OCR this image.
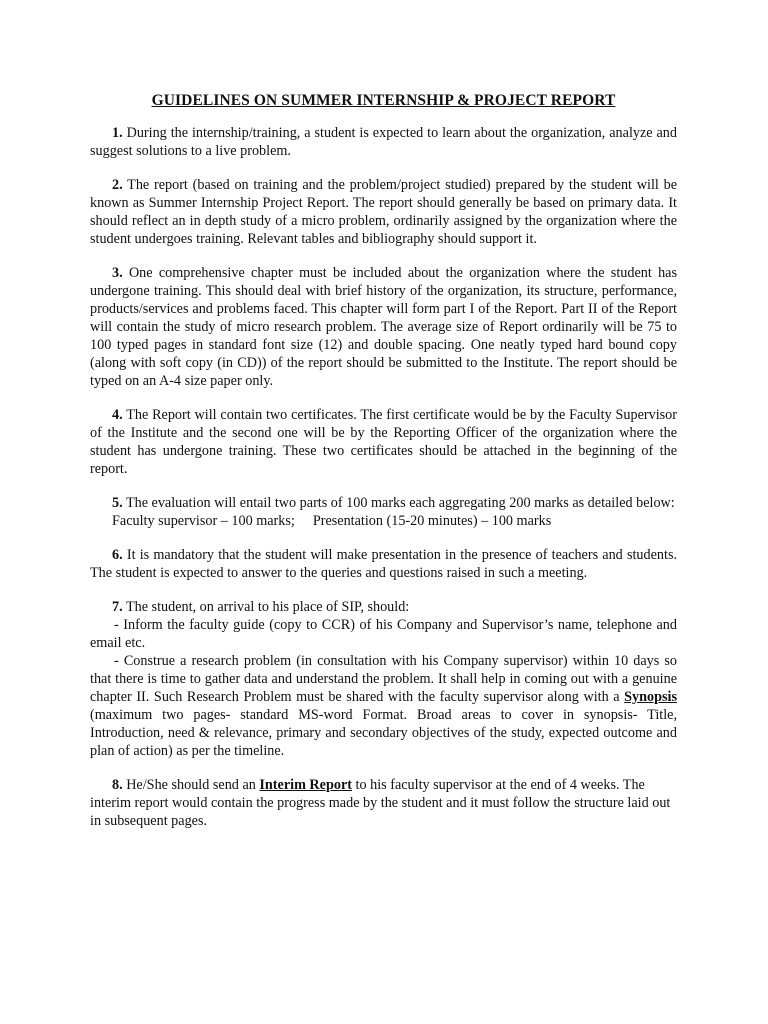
GUIDELINES ON SUMMER INTERNSHIP & PROJECT REPORT
1. During the internship/training, a student is expected to learn about the organization, analyze and suggest solutions to a live problem.
2. The report (based on training and the problem/project studied) prepared by the student will be known as Summer Internship Project Report. The report should generally be based on primary data. It should reflect an in depth study of a micro problem, ordinarily assigned by the organization where the student undergoes training. Relevant tables and bibliography should support it.
3. One comprehensive chapter must be included about the organization where the student has undergone training. This should deal with brief history of the organization, its structure, performance, products/services and problems faced. This chapter will form part I of the Report. Part II of the Report will contain the study of micro research problem. The average size of Report ordinarily will be 75 to 100 typed pages in standard font size (12) and double spacing. One neatly typed hard bound copy (along with soft copy (in CD)) of the report should be submitted to the Institute. The report should be typed on an A-4 size paper only.
4. The Report will contain two certificates. The first certificate would be by the Faculty Supervisor of the Institute and the second one will be by the Reporting Officer of the organization where the student has undergone training. These two certificates should be attached in the beginning of the report.
5. The evaluation will entail two parts of 100 marks each aggregating 200 marks as detailed below:
Faculty supervisor – 100 marks; Presentation (15-20 minutes) – 100 marks
6. It is mandatory that the student will make presentation in the presence of teachers and students. The student is expected to answer to the queries and questions raised in such a meeting.
7. The student, on arrival to his place of SIP, should:
- Inform the faculty guide (copy to CCR) of his Company and Supervisor’s name, telephone and email etc.
- Construe a research problem (in consultation with his Company supervisor) within 10 days so that there is time to gather data and understand the problem. It shall help in coming out with a genuine chapter II. Such Research Problem must be shared with the faculty supervisor along with a Synopsis (maximum two pages- standard MS-word Format. Broad areas to cover in synopsis- Title, Introduction, need & relevance, primary and secondary objectives of the study, expected outcome and plan of action) as per the timeline.
8. He/She should send an Interim Report to his faculty supervisor at the end of 4 weeks. The interim report would contain the progress made by the student and it must follow the structure laid out in subsequent pages.
